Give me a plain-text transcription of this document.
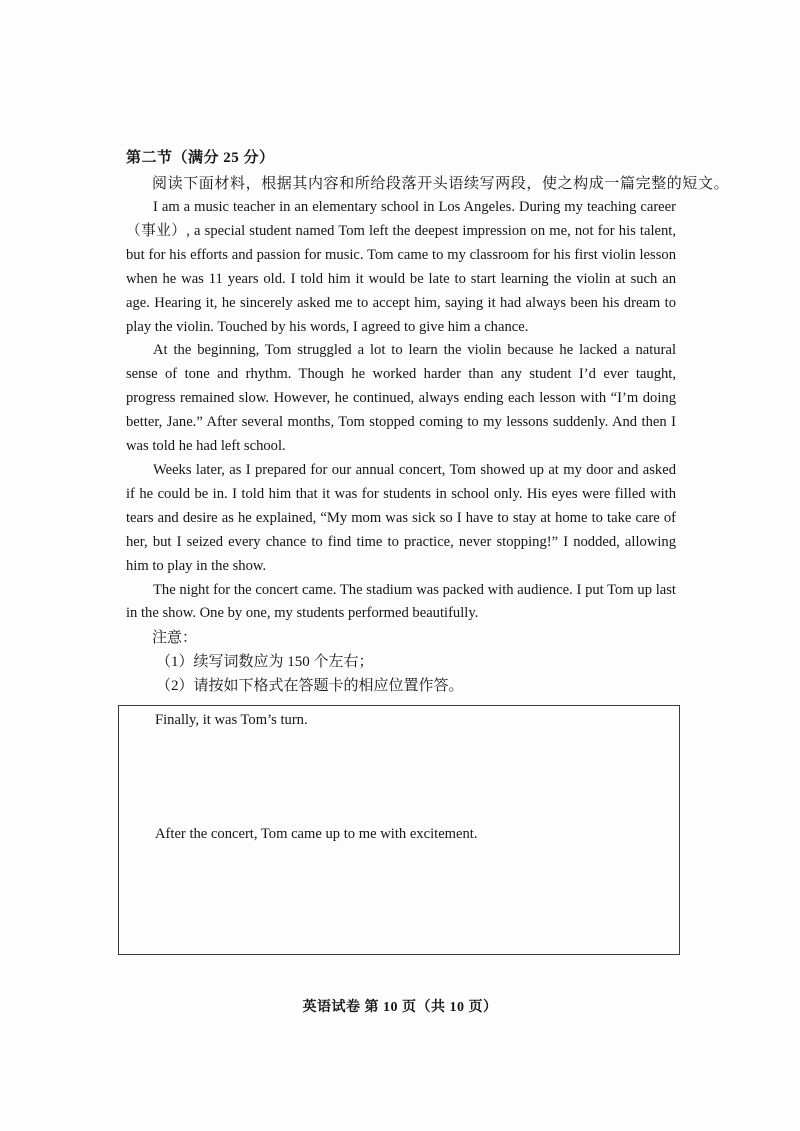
第二节（满分 25 分）
阅读下面材料，根据其内容和所给段落开头语续写两段，使之构成一篇完整的短文。

I am a music teacher in an elementary school in Los Angeles. During my teaching career（事业）, a special student named Tom left the deepest impression on me, not for his talent, but for his efforts and passion for music. Tom came to my classroom for his first violin lesson when he was 11 years old. I told him it would be late to start learning the violin at such an age. Hearing it, he sincerely asked me to accept him, saying it had always been his dream to play the violin. Touched by his words, I agreed to give him a chance.

At the beginning, Tom struggled a lot to learn the violin because he lacked a natural sense of tone and rhythm. Though he worked harder than any student I’d ever taught, progress remained slow. However, he continued, always ending each lesson with “I’m doing better, Jane.” After several months, Tom stopped coming to my lessons suddenly. And then I was told he had left school.

Weeks later, as I prepared for our annual concert, Tom showed up at my door and asked if he could be in. I told him that it was for students in school only. His eyes were filled with tears and desire as he explained, “My mom was sick so I have to stay at home to take care of her, but I seized every chance to find time to practice, never stopping!” I nodded, allowing him to play in the show.

The night for the concert came. The stadium was packed with audience. I put Tom up last in the show. One by one, my students performed beautifully.

注意：
（1）续写词数应为 150 个左右；
（2）请按如下格式在答题卡的相应位置作答。
Finally, it was Tom’s turn.
After the concert, Tom came up to me with excitement.
英语试卷 第 10 页（共 10 页）
